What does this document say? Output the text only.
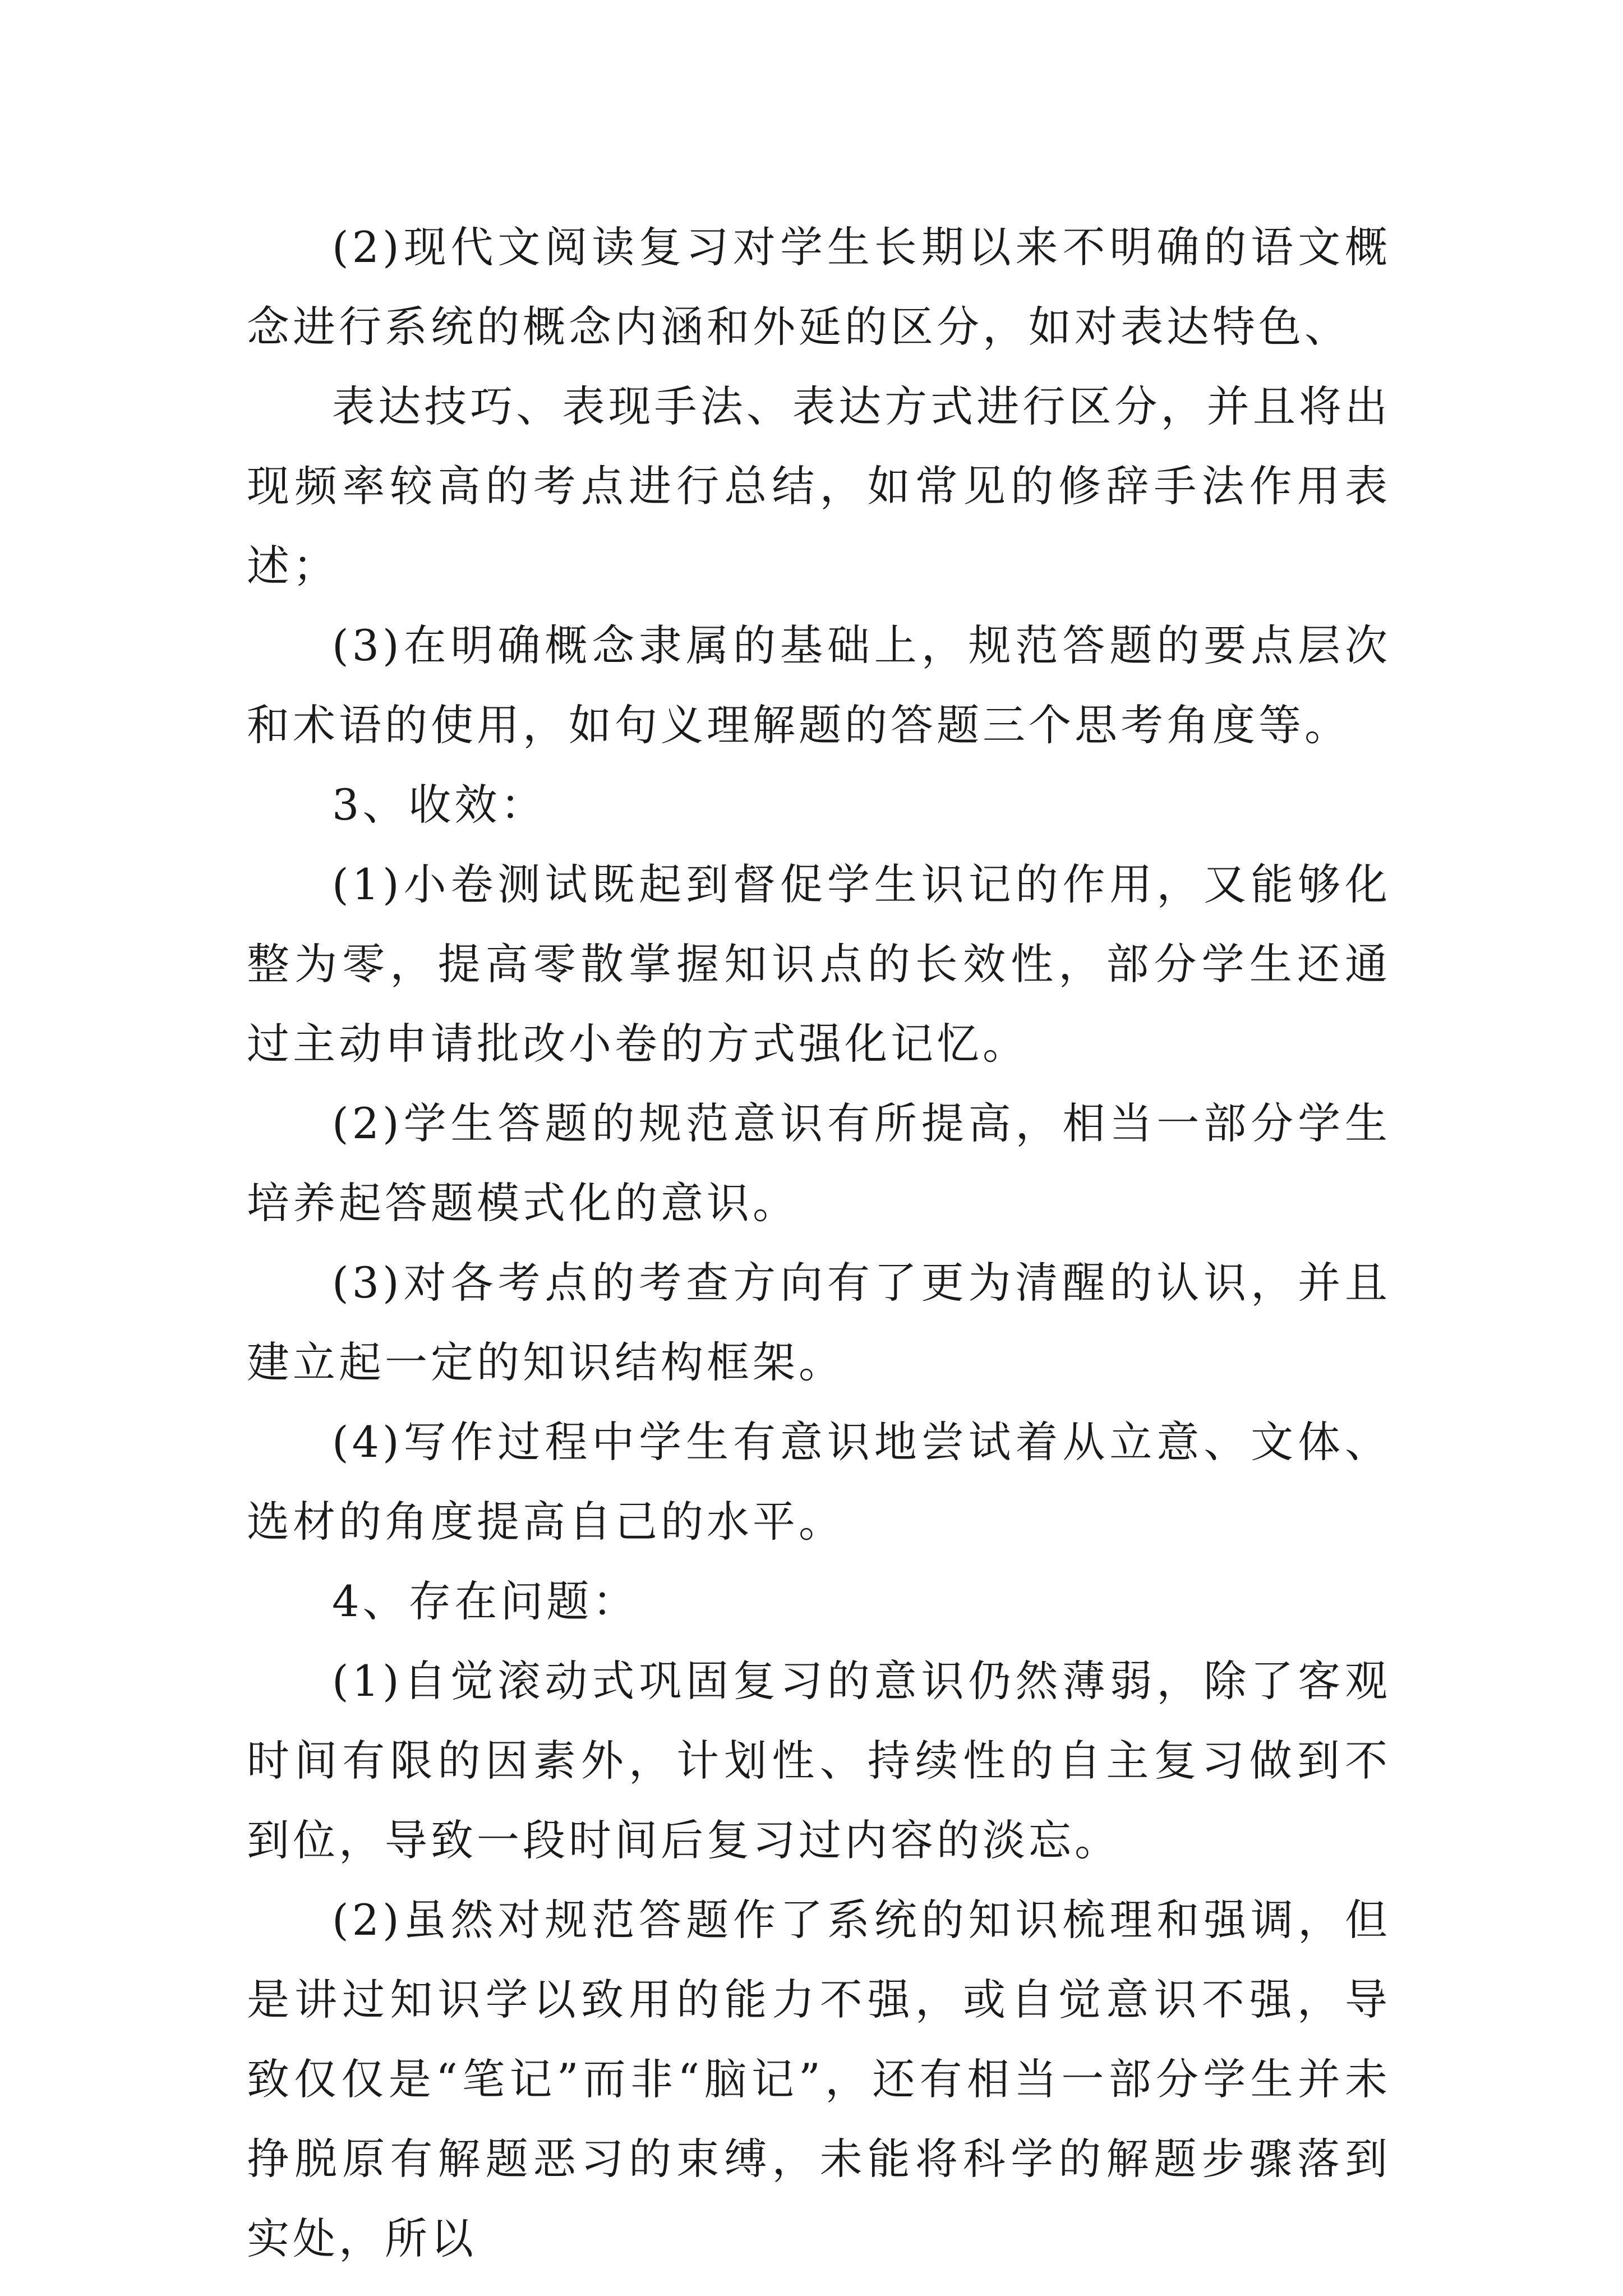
(2)现代文阅读复习对学生长期以来不明确的语文概念进行系统的概念内涵和外延的区分，如对表达特色、

表达技巧、表现手法、表达方式进行区分，并且将出现频率较高的考点进行总结，如常见的修辞手法作用表述；

(3)在明确概念隶属的基础上，规范答题的要点层次和术语的使用，如句义理解题的答题三个思考角度等。

3、收效：

(1)小卷测试既起到督促学生识记的作用，又能够化整为零，提高零散掌握知识点的长效性，部分学生还通过主动申请批改小卷的方式强化记忆。

(2)学生答题的规范意识有所提高，相当一部分学生培养起答题模式化的意识。

(3)对各考点的考查方向有了更为清醒的认识，并且建立起一定的知识结构框架。

(4)写作过程中学生有意识地尝试着从立意、文体、选材的角度提高自己的水平。

4、存在问题：

(1)自觉滚动式巩固复习的意识仍然薄弱，除了客观时间有限的因素外，计划性、持续性的自主复习做到不到位，导致一段时间后复习过内容的淡忘。

(2)虽然对规范答题作了系统的知识梳理和强调，但是讲过知识学以致用的能力不强，或自觉意识不强，导致仅仅是“笔记”而非“脑记”，还有相当一部分学生并未挣脱原有解题恶习的束缚，未能将科学的解题步骤落到实处，所以
